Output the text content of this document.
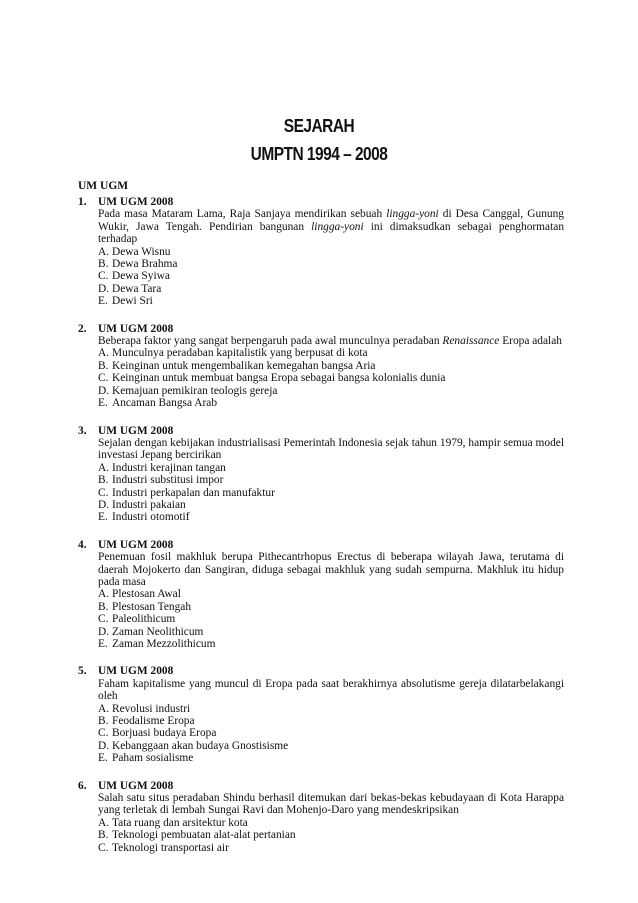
SEJARAH
UMPTN 1994 – 2008
UM UGM
1. UM UGM 2008
Pada masa Mataram Lama, Raja Sanjaya mendirikan sebuah lingga-yoni di Desa Canggal, Gunung Wukir, Jawa Tengah. Pendirian bangunan lingga-yoni ini dimaksudkan sebagai penghormatan terhadap
A. Dewa Wisnu
B. Dewa Brahma
C. Dewa Syiwa
D. Dewa Tara
E. Dewi Sri
2. UM UGM 2008
Beberapa faktor yang sangat berpengaruh pada awal munculnya peradaban Renaissance Eropa adalah
A. Munculnya peradaban kapitalistik yang berpusat di kota
B. Keinginan untuk mengembalikan kemegahan bangsa Aria
C. Keinginan untuk membuat bangsa Eropa sebagai bangsa kolonialis dunia
D. Kemajuan pemikiran teologis gereja
E. Ancaman Bangsa Arab
3. UM UGM 2008
Sejalan dengan kebijakan industrialisasi Pemerintah Indonesia sejak tahun 1979, hampir semua model investasi Jepang bercirikan
A. Industri kerajinan tangan
B. Industri substitusi impor
C. Industri perkapalan dan manufaktur
D. Industri pakaian
E. Industri otomotif
4. UM UGM 2008
Penemuan fosil makhluk berupa Pithecantrhopus Erectus di beberapa wilayah Jawa, terutama di daerah Mojokerto dan Sangiran, diduga sebagai makhluk yang sudah sempurna. Makhluk itu hidup pada masa
A. Plestosan Awal
B. Plestosan Tengah
C. Paleolithicum
D. Zaman Neolithicum
E. Zaman Mezzolithicum
5. UM UGM 2008
Faham kapitalisme yang muncul di Eropa pada saat berakhirnya absolutisme gereja dilatarbelakangi oleh
A. Revolusi industri
B. Feodalisme Eropa
C. Borjuasi budaya Eropa
D. Kebanggaan akan budaya Gnostisisme
E. Paham sosialisme
6. UM UGM 2008
Salah satu situs peradaban Shindu berhasil ditemukan dari bekas-bekas kebudayaan di Kota Harappa yang terletak di lembah Sungai Ravi dan Mohenjo-Daro yang mendeskripsikan
A. Tata ruang dan arsitektur kota
B. Teknologi pembuatan alat-alat pertanian
C. Teknologi transportasi air
